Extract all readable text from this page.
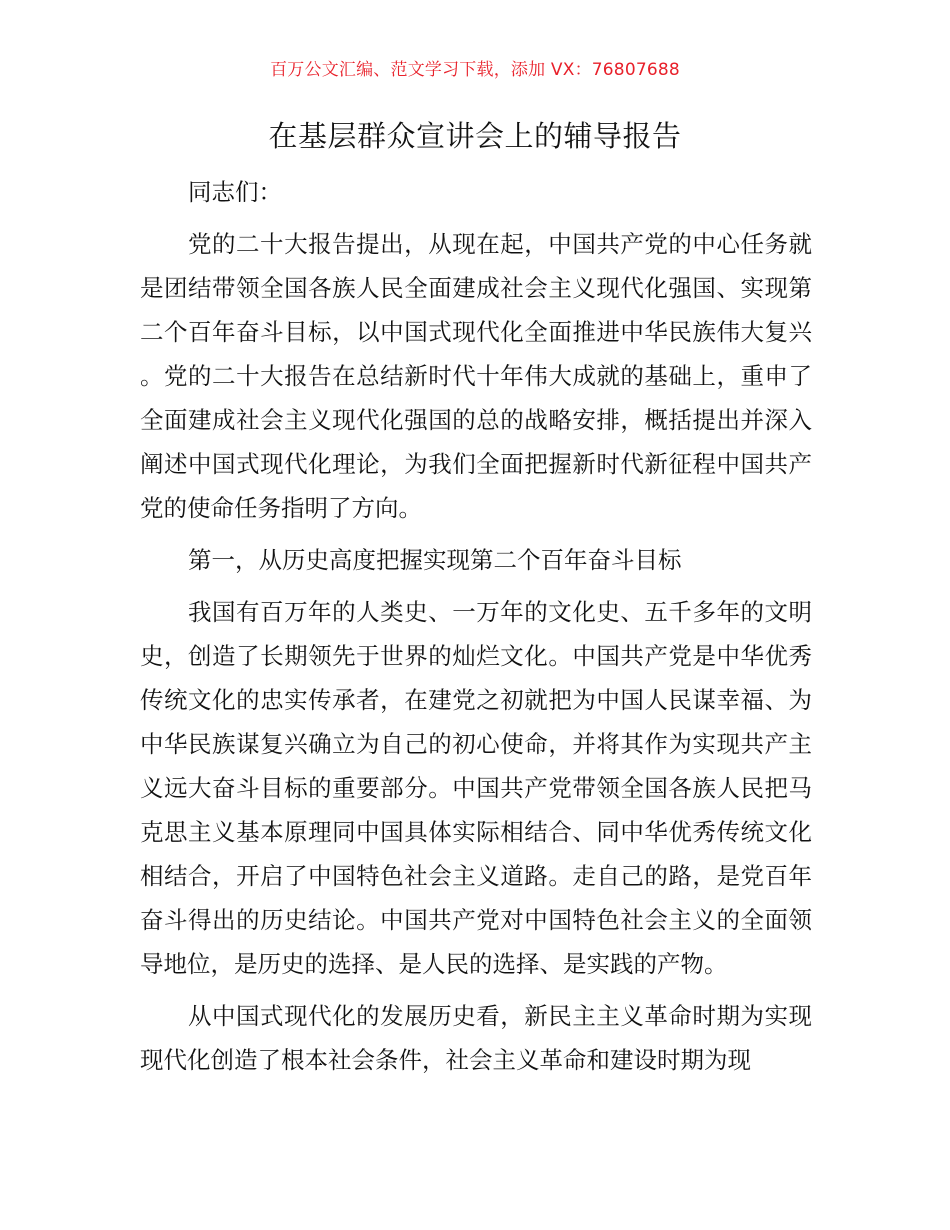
百万公文汇编、范文学习下载，添加 VX：76807688
在基层群众宣讲会上的辅导报告

同志们：

党的二十大报告提出，从现在起，中国共产党的中心任务就是团结带领全国各族人民全面建成社会主义现代化强国、实现第二个百年奋斗目标，以中国式现代化全面推进中华民族伟大复兴。党的二十大报告在总结新时代十年伟大成就的基础上，重申了全面建成社会主义现代化强国的总的战略安排，概括提出并深入阐述中国式现代化理论，为我们全面把握新时代新征程中国共产党的使命任务指明了方向。

第一，从历史高度把握实现第二个百年奋斗目标

我国有百万年的人类史、一万年的文化史、五千多年的文明史，创造了长期领先于世界的灿烂文化。中国共产党是中华优秀传统文化的忠实传承者，在建党之初就把为中国人民谋幸福、为中华民族谋复兴确立为自己的初心使命，并将其作为实现共产主义远大奋斗目标的重要部分。中国共产党带领全国各族人民把马克思主义基本原理同中国具体实际相结合、同中华优秀传统文化相结合，开启了中国特色社会主义道路。走自己的路，是党百年奋斗得出的历史结论。中国共产党对中国特色社会主义的全面领导地位，是历史的选择、是人民的选择、是实践的产物。

从中国式现代化的发展历史看，新民主主义革命时期为实现现代化创造了根本社会条件，社会主义革命和建设时期为现
